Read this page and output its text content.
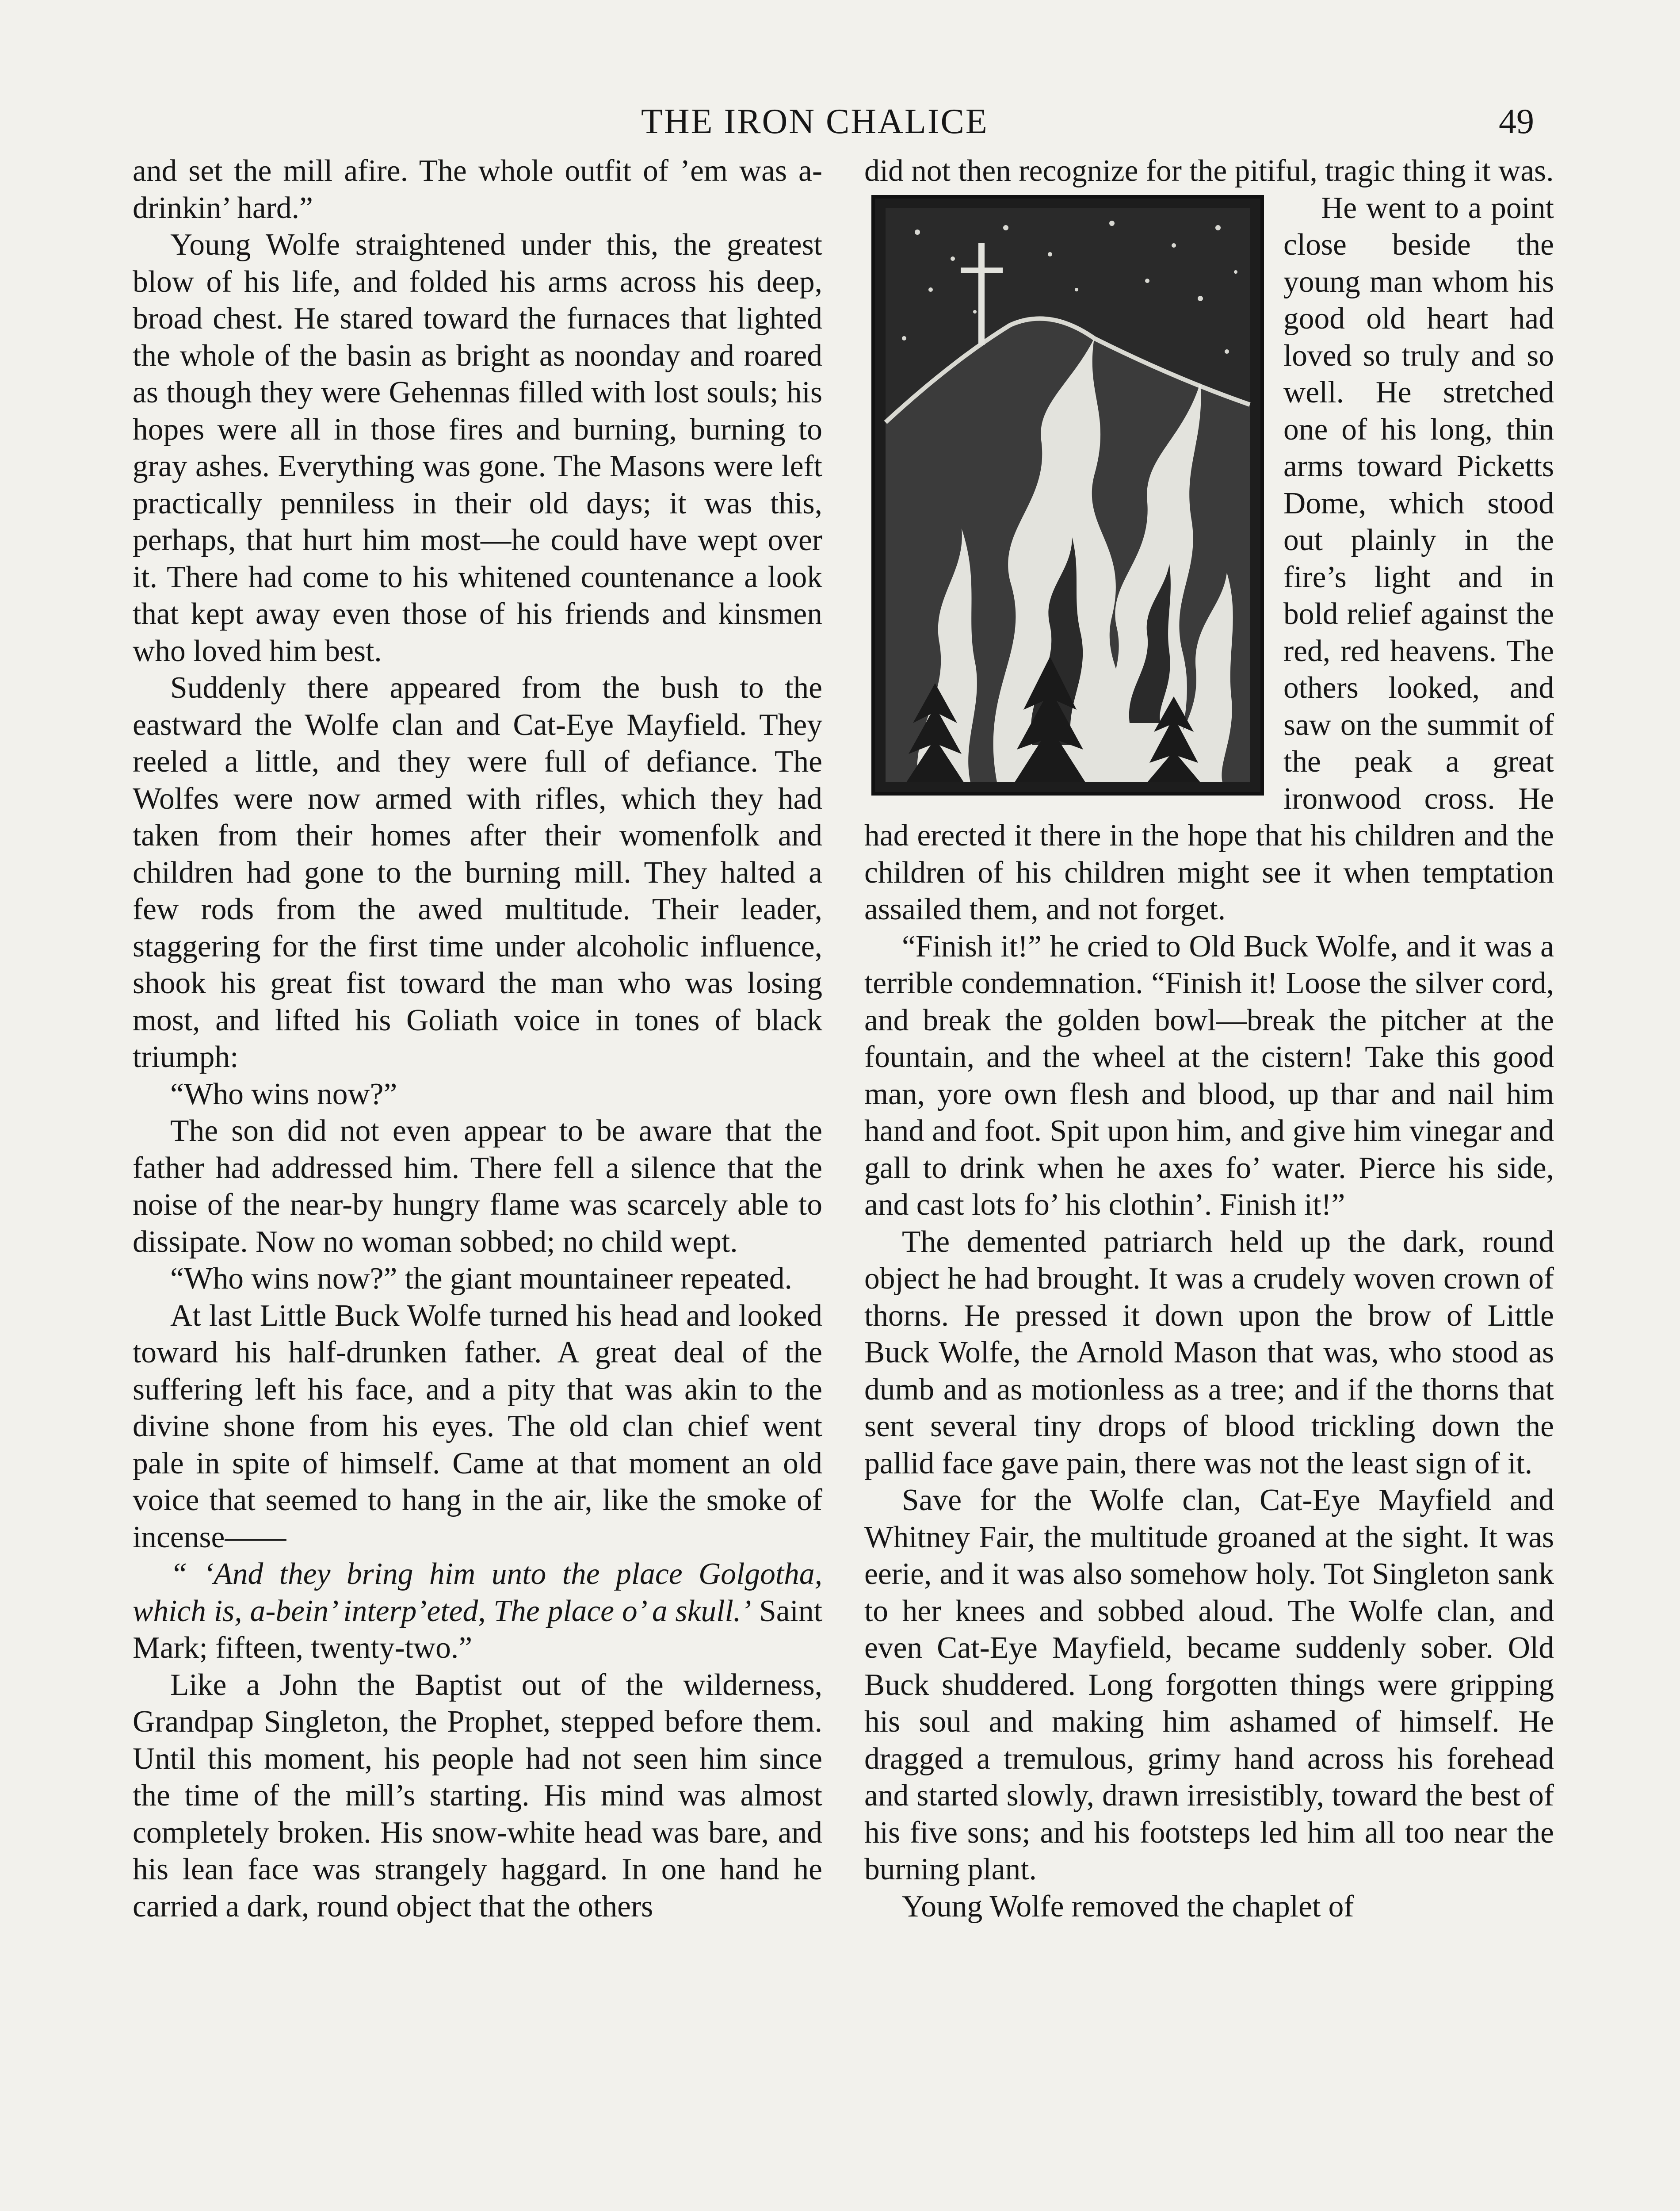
THE IRON CHALICE	49

and set the mill afire. The whole outfit of ’em was a-drinkin’ hard.”

Young Wolfe straightened under this, the greatest blow of his life, and folded his arms across his deep, broad chest. He stared toward the furnaces that lighted the whole of the basin as bright as noonday and roared as though they were Gehennas filled with lost souls; his hopes were all in those fires and burning, burning to gray ashes. Everything was gone. The Masons were left practically penniless in their old days; it was this, perhaps, that hurt him most—he could have wept over it. There had come to his whitened countenance a look that kept away even those of his friends and kinsmen who loved him best.

Suddenly there appeared from the bush to the eastward the Wolfe clan and Cat-Eye Mayfield. They reeled a little, and they were full of defiance. The Wolfes were now armed with rifles, which they had taken from their homes after their womenfolk and children had gone to the burning mill. They halted a few rods from the awed multitude. Their leader, staggering for the first time under alcoholic influence, shook his great fist toward the man who was losing most, and lifted his Goliath voice in tones of black triumph:

“Who wins now?”

The son did not even appear to be aware that the father had addressed him. There fell a silence that the noise of the near-by hungry flame was scarcely able to dissipate. Now no woman sobbed; no child wept.

“Who wins now?” the giant mountaineer repeated.

At last Little Buck Wolfe turned his head and looked toward his half-drunken father. A great deal of the suffering left his face, and a pity that was akin to the divine shone from his eyes. The old clan chief went pale in spite of himself. Came at that moment an old voice that seemed to hang in the air, like the smoke of incense——

“ ‘And they bring him unto the place Golgotha, which is, a-bein’ interp’eted, The place o’ a skull.’ Saint Mark; fifteen, twenty-two.”

Like a John the Baptist out of the wilderness, Grandpap Singleton, the Prophet, stepped before them. Until this moment, his people had not seen him since the time of the mill’s starting. His mind was almost completely broken. His snow-white head was bare, and his lean face was strangely haggard. In one hand he carried a dark, round object that the others

did not then recognize for the pitiful, tragic thing it was.

He went to a point close beside the young man whom his good old heart had loved so truly and so well. He stretched one of his long, thin arms toward Picketts Dome, which stood out plainly in the fire’s light and in bold relief against the red, red heavens. The others looked, and saw on the summit of the peak a great ironwood cross. He had erected it there in the hope that his children and the children of his children might see it when temptation assailed them, and not forget.

“Finish it!” he cried to Old Buck Wolfe, and it was a terrible condemnation. “Finish it! Loose the silver cord, and break the golden bowl—break the pitcher at the fountain, and the wheel at the cistern! Take this good man, yore own flesh and blood, up thar and nail him hand and foot. Spit upon him, and give him vinegar and gall to drink when he axes fo’ water. Pierce his side, and cast lots fo’ his clothin’. Finish it!”

The demented patriarch held up the dark, round object he had brought. It was a crudely woven crown of thorns. He pressed it down upon the brow of Little Buck Wolfe, the Arnold Mason that was, who stood as dumb and as motionless as a tree; and if the thorns that sent several tiny drops of blood trickling down the pallid face gave pain, there was not the least sign of it.

Save for the Wolfe clan, Cat-Eye Mayfield and Whitney Fair, the multitude groaned at the sight. It was eerie, and it was also somehow holy. Tot Singleton sank to her knees and sobbed aloud. The Wolfe clan, and even Cat-Eye Mayfield, became suddenly sober. Old Buck shuddered. Long forgotten things were gripping his soul and making him ashamed of himself. He dragged a tremulous, grimy hand across his forehead and started slowly, drawn irresistibly, toward the best of his five sons; and his footsteps led him all too near the burning plant.

Young Wolfe removed the chaplet of
